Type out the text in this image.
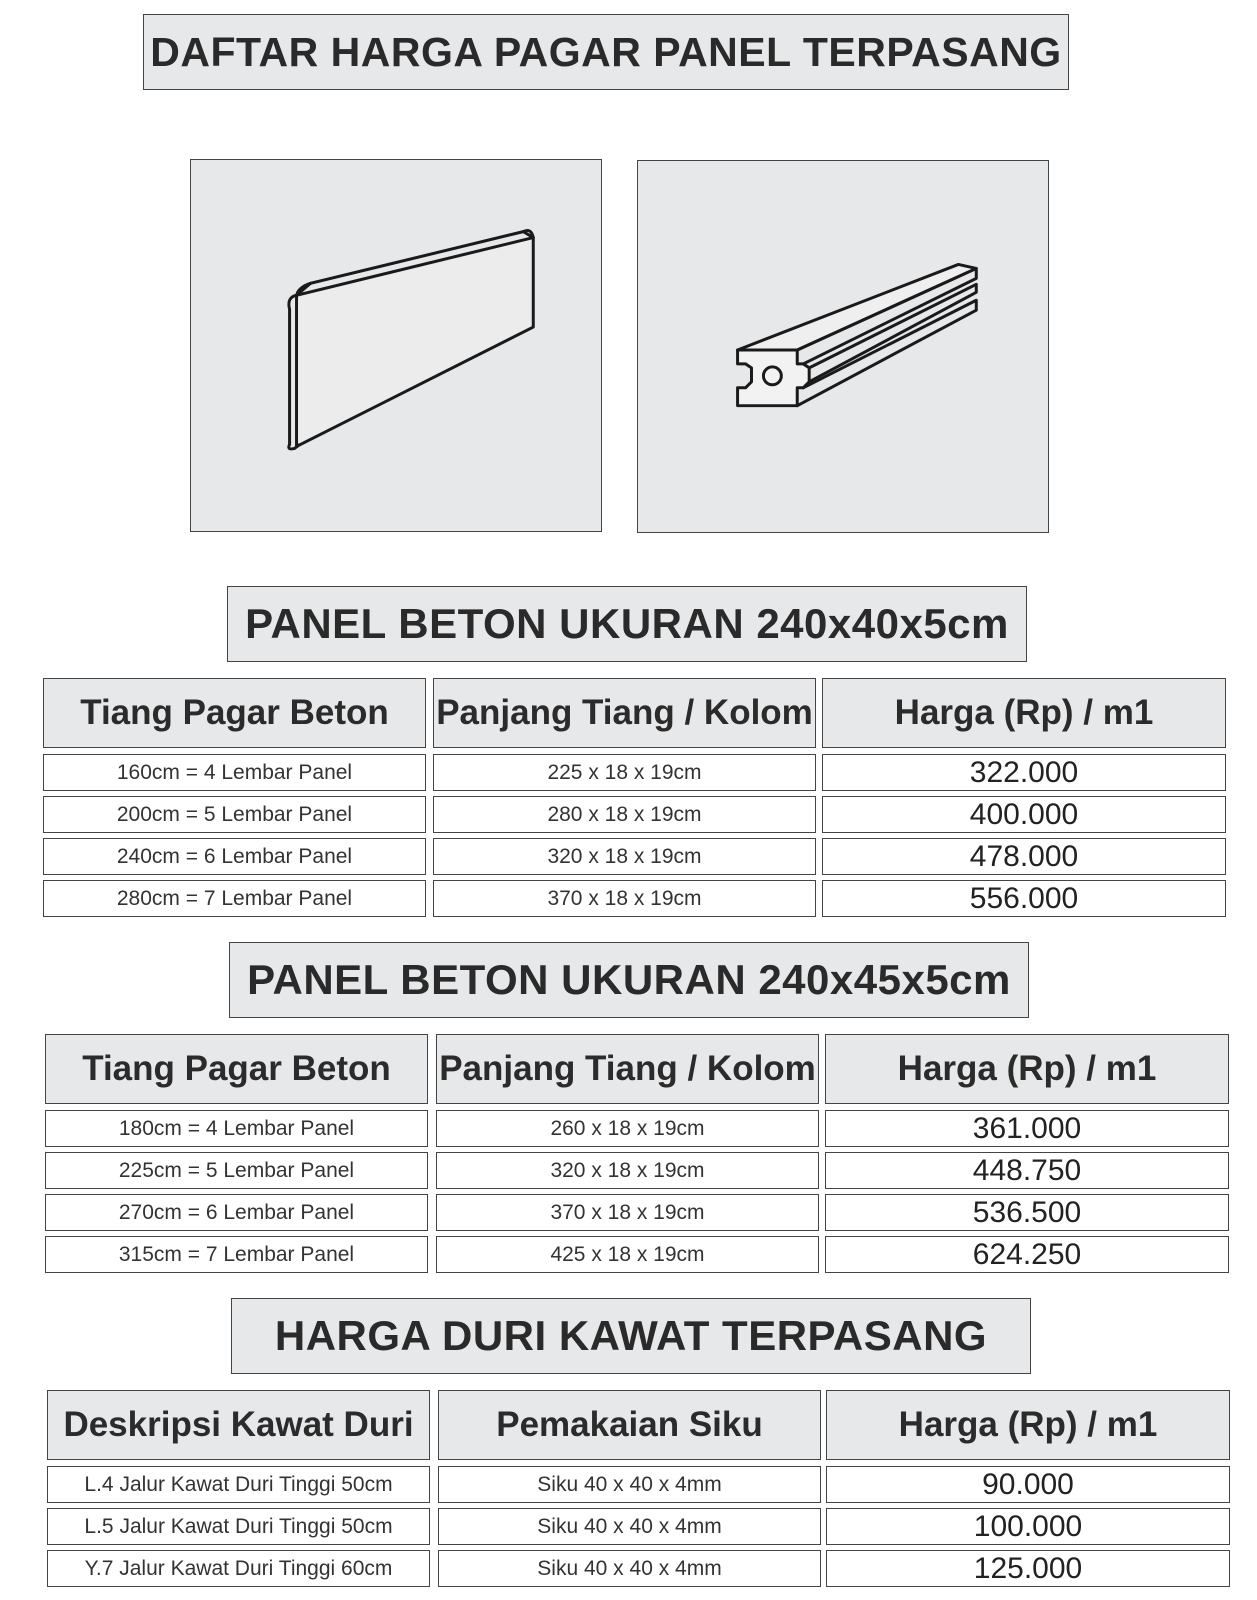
DAFTAR HARGA PAGAR PANEL TERPASANG
PANEL BETON UKURAN 240x40x5cm
Tiang Pagar Beton	Panjang Tiang / Kolom	Harga (Rp) / m1
160cm = 4 Lembar Panel	225 x 18 x 19cm	322.000
200cm = 5 Lembar Panel	280 x 18 x 19cm	400.000
240cm = 6 Lembar Panel	320 x 18 x 19cm	478.000
280cm = 7 Lembar Panel	370 x 18 x 19cm	556.000
PANEL BETON UKURAN 240x45x5cm
Tiang Pagar Beton	Panjang Tiang / Kolom	Harga (Rp) / m1
180cm = 4 Lembar Panel	260 x 18 x 19cm	361.000
225cm = 5 Lembar Panel	320 x 18 x 19cm	448.750
270cm = 6 Lembar Panel	370 x 18 x 19cm	536.500
315cm = 7 Lembar Panel	425 x 18 x 19cm	624.250
HARGA DURI KAWAT TERPASANG
Deskripsi Kawat Duri	Pemakaian Siku	Harga (Rp) / m1
L.4 Jalur Kawat Duri Tinggi 50cm	Siku 40 x 40 x 4mm	90.000
L.5 Jalur Kawat Duri Tinggi 50cm	Siku 40 x 40 x 4mm	100.000
Y.7 Jalur Kawat Duri Tinggi 60cm	Siku 40 x 40 x 4mm	125.000
